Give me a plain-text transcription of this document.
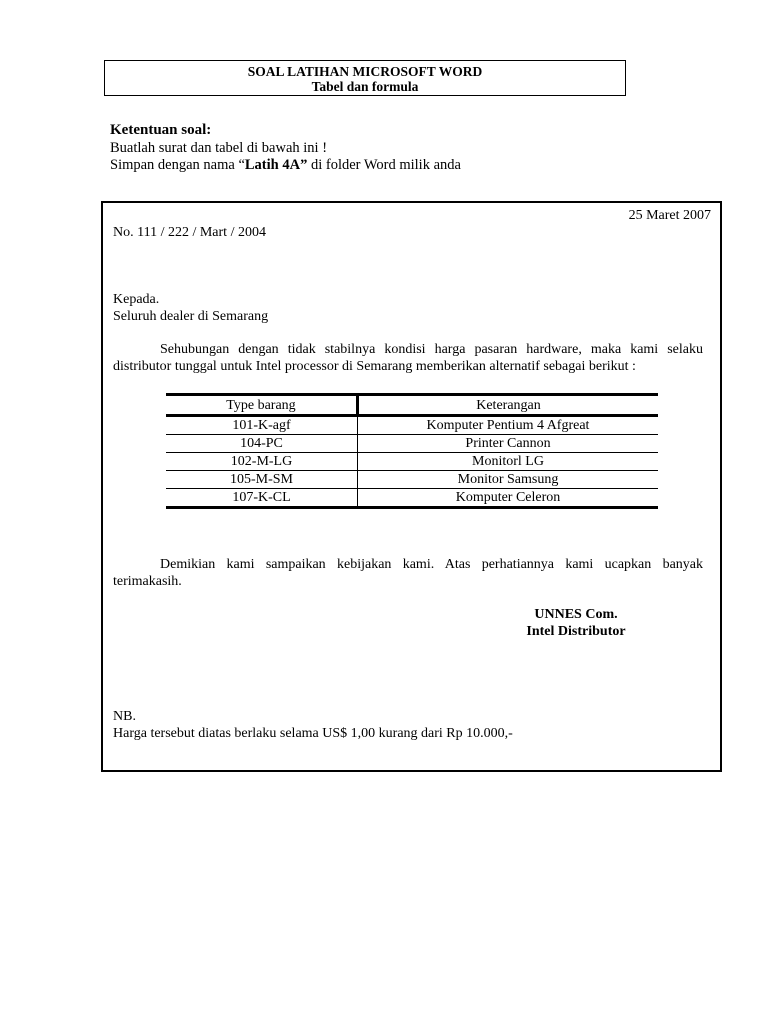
SOAL LATIHAN MICROSOFT WORD
Tabel dan formula
Ketentuan soal:
Buatlah surat dan tabel di bawah ini !
Simpan dengan nama “Latih 4A” di folder Word milik anda
25 Maret 2007
No. 111 / 222 / Mart / 2004
Kepada.
Seluruh dealer di Semarang
Sehubungan dengan tidak stabilnya kondisi harga pasaran hardware, maka kami selaku distributor tunggal untuk Intel processor di Semarang memberikan alternatif sebagai berikut :
Type barang	Keterangan
101-K-agf	Komputer Pentium 4 Afgreat
104-PC	Printer Cannon
102-M-LG	Monitorl LG
105-M-SM	Monitor Samsung
107-K-CL	Komputer Celeron
Demikian kami sampaikan kebijakan kami. Atas perhatiannya kami ucapkan banyak terimakasih.
UNNES Com.
Intel Distributor
NB.
Harga tersebut diatas berlaku selama US$ 1,00 kurang dari Rp 10.000,-
